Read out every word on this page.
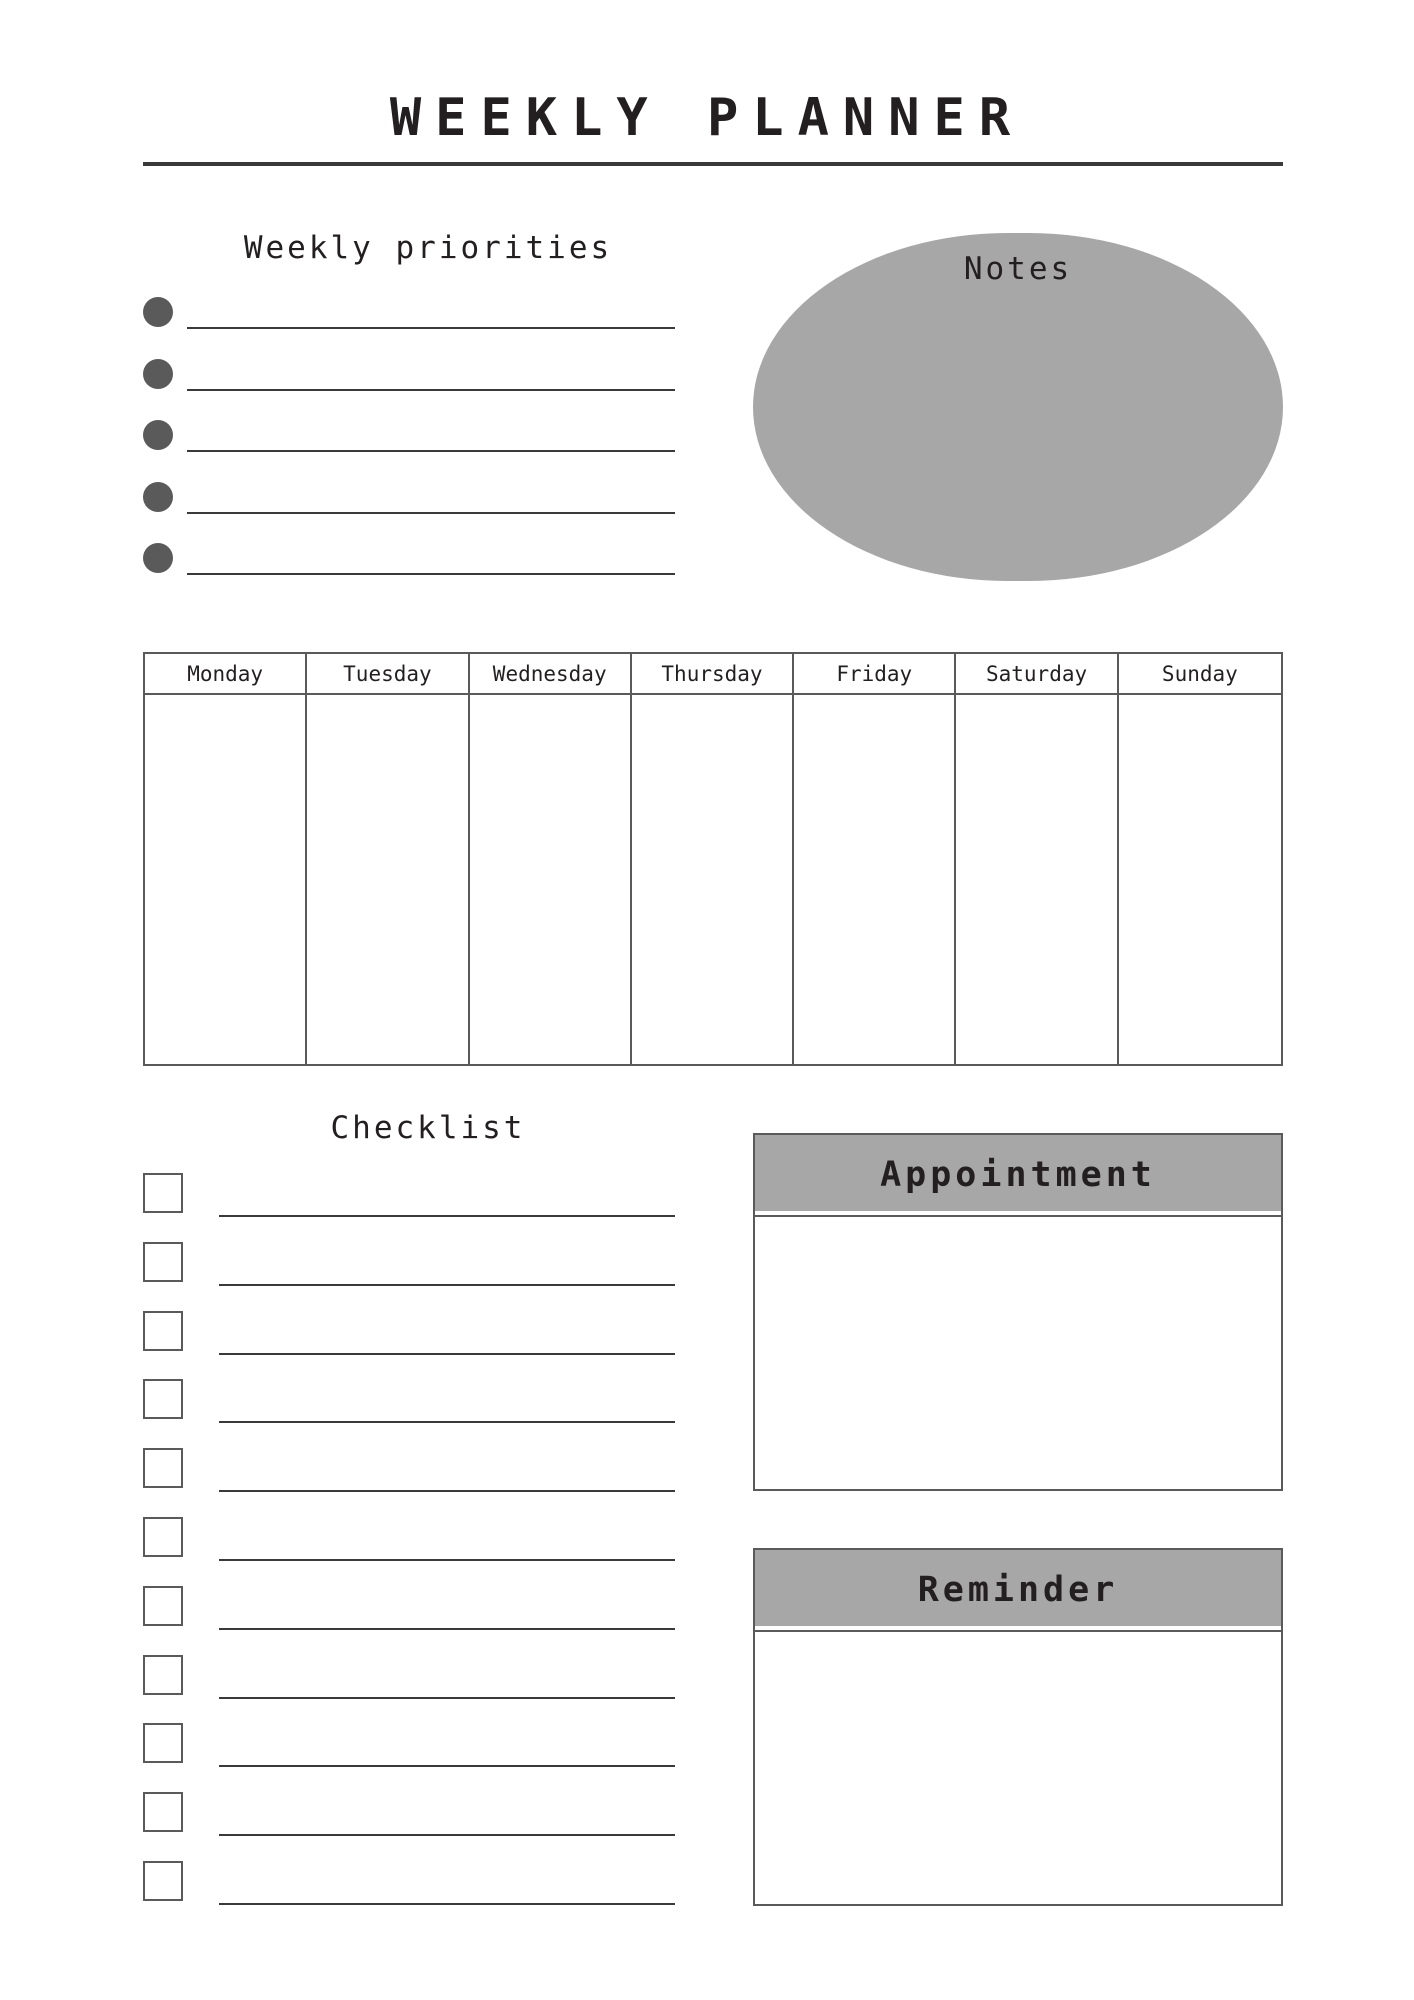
WEEKLY PLANNER
Weekly priorities
Notes
Monday	Tuesday	Wednesday	Thursday	Friday	Saturday	Sunday
Checklist
Appointment
Reminder
